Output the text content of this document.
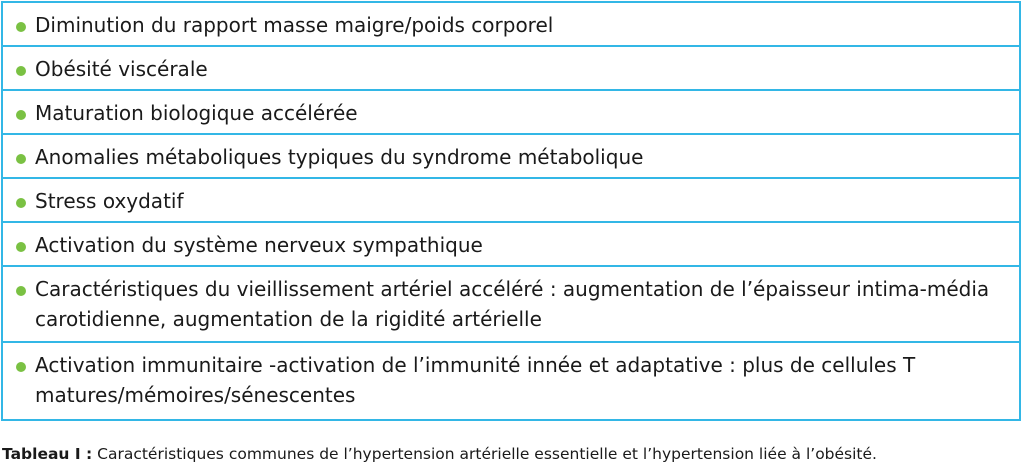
Diminution du rapport masse maigre/poids corporel
Obésité viscérale
Maturation biologique accélérée
Anomalies métaboliques typiques du syndrome métabolique
Stress oxydatif
Activation du système nerveux sympathique
Caractéristiques du vieillissement artériel accéléré : augmentation de l’épaisseur intima-média carotidienne, augmentation de la rigidité artérielle
Activation immunitaire -activation de l’immunité innée et adaptative : plus de cellules T matures/mémoires/sénescentes
Tableau I : Caractéristiques communes de l’hypertension artérielle essentielle et l’hypertension liée à l’obésité.
